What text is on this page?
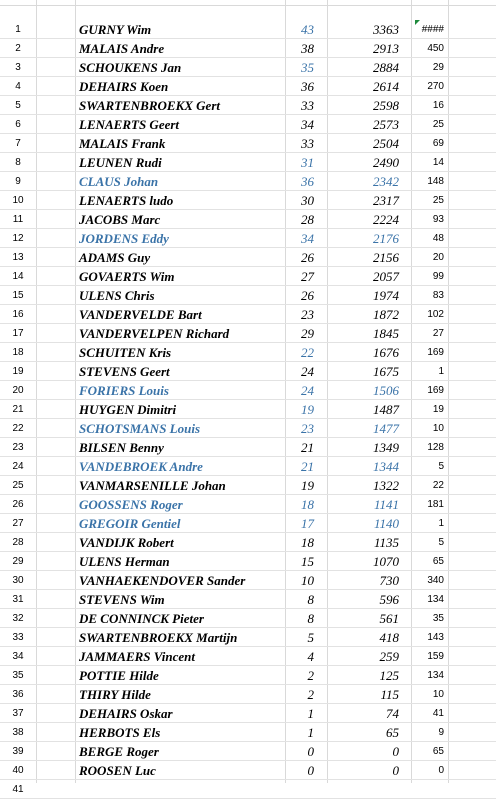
1	GURNY Wim	43	3363	####
2	MALAIS Andre	38	2913	450
3	SCHOUKENS Jan	35	2884	29
4	DEHAIRS Koen	36	2614	270
5	SWARTENBROEKX Gert	33	2598	16
6	LENAERTS Geert	34	2573	25
7	MALAIS Frank	33	2504	69
8	LEUNEN Rudi	31	2490	14
9	CLAUS Johan	36	2342	148
10	LENAERTS ludo	30	2317	25
11	JACOBS Marc	28	2224	93
12	JORDENS Eddy	34	2176	48
13	ADAMS Guy	26	2156	20
14	GOVAERTS Wim	27	2057	99
15	ULENS Chris	26	1974	83
16	VANDERVELDE Bart	23	1872	102
17	VANDERVELPEN Richard	29	1845	27
18	SCHUITEN Kris	22	1676	169
19	STEVENS Geert	24	1675	1
20	FORIERS Louis	24	1506	169
21	HUYGEN Dimitri	19	1487	19
22	SCHOTSMANS Louis	23	1477	10
23	BILSEN Benny	21	1349	128
24	VANDEBROEK Andre	21	1344	5
25	VANMARSENILLE Johan	19	1322	22
26	GOOSSENS Roger	18	1141	181
27	GREGOIR Gentiel	17	1140	1
28	VANDIJK Robert	18	1135	5
29	ULENS Herman	15	1070	65
30	VANHAEKENDOVER Sander	10	730	340
31	STEVENS Wim	8	596	134
32	DE CONNINCK Pieter	8	561	35
33	SWARTENBROEKX Martijn	5	418	143
34	JAMMAERS Vincent	4	259	159
35	POTTIE Hilde	2	125	134
36	THIRY Hilde	2	115	10
37	DEHAIRS Oskar	1	74	41
38	HERBOTS Els	1	65	9
39	BERGE Roger	0	0	65
40	ROOSEN Luc	0	0	0
41
